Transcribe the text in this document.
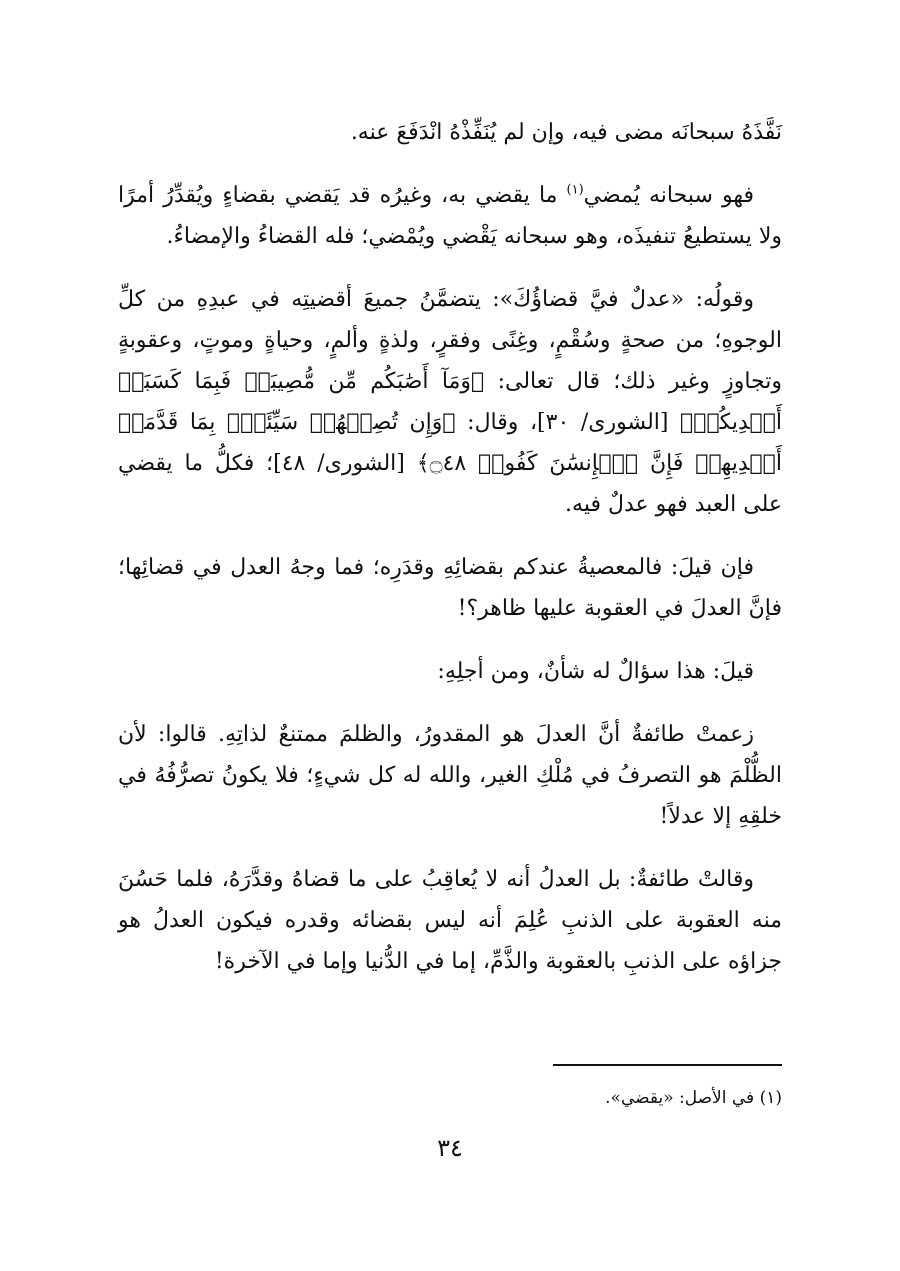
نَفَّذَهُ سبحانَه مضى فيه، وإن لم يُنَفِّذْهُ انْدَفَعَ عنه.

فهو سبحانه يُمضي$^{(١)}$ ما يقضي به، وغيرُه قد يَقضي بقضاءٍ ويُقدِّرُ أمرًا ولا يستطيعُ تنفيذَه، وهو سبحانه يَقْضي ويُمْضي؛ فله القضاءُ والإمضاءُ.

وقولُه: «عدلٌ فيَّ قضاؤُكَ»: يتضمَّنُ جميعَ أقضيتِه في عبدِهِ من كلِّ الوجوهِ؛ من صحةٍ وسُقْمٍ، وغِنًى وفقرٍ، ولذةٍ وألمٍ، وحياةٍ وموتٍ، وعقوبةٍ وتجاوزٍ وغير ذلك؛ قال تعالى: ﴿وَمَآ أَصَٰبَكُم مِّن مُّصِيبَةٖ فَبِمَا كَسَبَتۡ أَيۡدِيكُمۡ﴾ [الشورى/ ٣٠]، وقال: ﴿وَإِن تُصِبۡهُمۡ سَيِّئَةُۢ بِمَا قَدَّمَتۡ أَيۡدِيهِمۡ فَإِنَّ ٱلۡإِنسَٰنَ كَفُورٞ ۝٤٨﴾ [الشورى/ ٤٨]؛ فكلُّ ما يقضي على العبد فهو عدلٌ فيه.

فإن قيلَ: فالمعصيةُ عندكم بقضائِهِ وقدَرِه؛ فما وجهُ العدل في قضائِها؛ فإنَّ العدلَ في العقوبة عليها ظاهر؟!

قيلَ: هذا سؤالٌ له شأنٌ، ومن أجلِهِ:

زعمتْ طائفةٌ أنَّ العدلَ هو المقدورُ، والظلمَ ممتنعٌ لذاتِهِ. قالوا: لأن الظُّلْمَ هو التصرفُ في مُلْكِ الغير، والله له كل شيءٍ؛ فلا يكونُ تصرُّفُهُ في خلقِهِ إلا عدلاً!

وقالتْ طائفةٌ: بل العدلُ أنه لا يُعاقِبُ على ما قضاهُ وقدَّرَهُ، فلما حَسُنَ منه العقوبة على الذنبِ عُلِمَ أنه ليس بقضائه وقدره فيكون العدلُ هو جزاؤه على الذنبِ بالعقوبة والذَّمِّ، إما في الدُّنيا وإما في الآخرة!

(١) في الأصل: «يقضي».
٣٤
